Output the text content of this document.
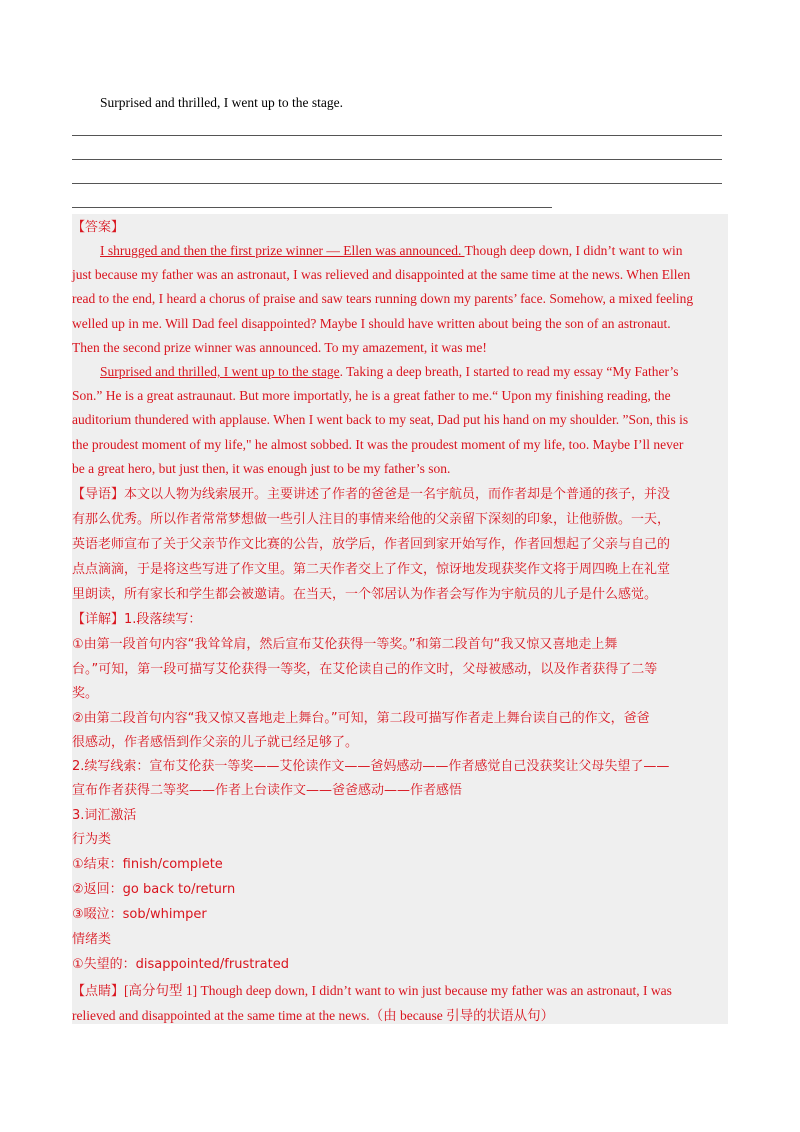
Surprised and thrilled, I went up to the stage.
【答案】
I shrugged and then the first prize winner — Ellen was announced. Though deep down, I didn’t want to win
just because my father was an astronaut, I was relieved and disappointed at the same time at the news. When Ellen
read to the end, I heard a chorus of praise and saw tears running down my parents’ face. Somehow, a mixed feeling
welled up in me. Will Dad feel disappointed? Maybe I should have written about being the son of an astronaut.
Then the second prize winner was announced. To my amazement, it was me!
Surprised and thrilled, I went up to the stage. Taking a deep breath, I started to read my essay “My Father’s
Son.” He is a great astraunaut. But more importatly, he is a great father to me.“ Upon my finishing reading, the
auditorium thundered with applause. When I went back to my seat, Dad put his hand on my shoulder. ”Son, this is
the proudest moment of my life," he almost sobbed. It was the proudest moment of my life, too. Maybe I’ll never
be a great hero, but just then, it was enough just to be my father’s son.
【导语】本文以人物为线索展开。主要讲述了作者的爸爸是一名宇航员，而作者却是个普通的孩子，并没
有那么优秀。所以作者常常梦想做一些引人注目的事情来给他的父亲留下深刻的印象，让他骄傲。一天，
英语老师宣布了关于父亲节作文比赛的公告，放学后，作者回到家开始写作，作者回想起了父亲与自己的
点点滴滴，于是将这些写进了作文里。第二天作者交上了作文，惊讶地发现获奖作文将于周四晚上在礼堂
里朗读，所有家长和学生都会被邀请。在当天，一个邻居认为作者会写作为宇航员的儿子是什么感觉。
【详解】1.段落续写：
①由第一段首句内容“我耸耸肩，然后宣布艾伦获得一等奖。”和第二段首句“我又惊又喜地走上舞
台。”可知，第一段可描写艾伦获得一等奖，在艾伦读自己的作文时，父母被感动，以及作者获得了二等
奖。
②由第二段首句内容“我又惊又喜地走上舞台。”可知，第二段可描写作者走上舞台读自己的作文，爸爸
很感动，作者感悟到作父亲的儿子就已经足够了。
2.续写线索：宣布艾伦获一等奖——艾伦读作文——爸妈感动——作者感觉自己没获奖让父母失望了——
宣布作者获得二等奖——作者上台读作文——爸爸感动——作者感悟
3.词汇激活
行为类
①结束：finish/complete
②返回：go back to/return
③啜泣：sob/whimper
情绪类
①失望的：disappointed/frustrated
【点睛】[高分句型 1] Though deep down, I didn’t want to win just because my father was an astronaut, I was
relieved and disappointed at the same time at the news.（由 because 引导的状语从句）
